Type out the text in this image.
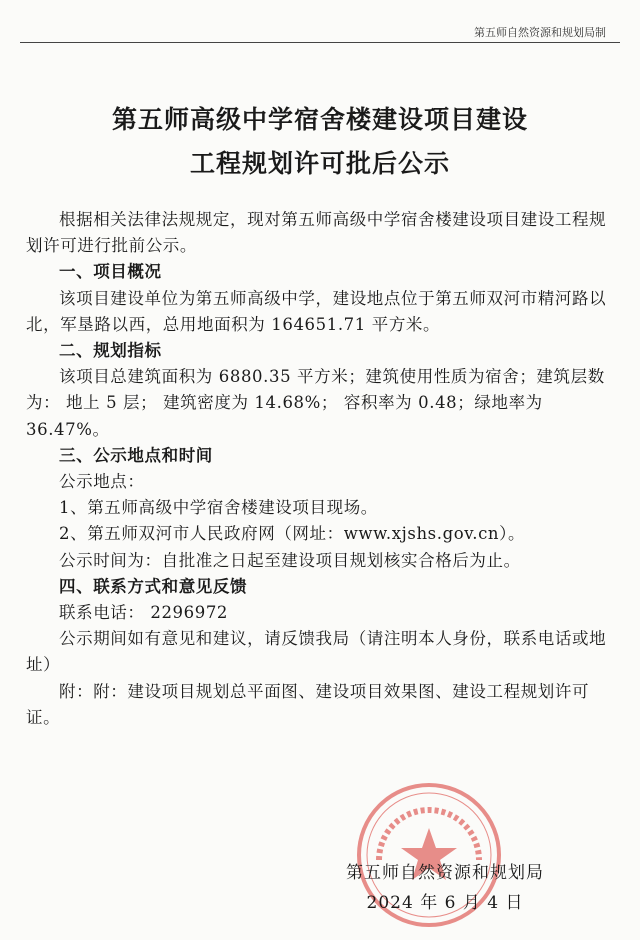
第五师自然资源和规划局制
第五师高级中学宿舍楼建设项目建设
工程规划许可批后公示

根据相关法律法规规定，现对第五师高级中学宿舍楼建设项目建设工程规划许可进行批前公示。

一、项目概况

该项目建设单位为第五师高级中学，建设地点位于第五师双河市精河路以北，军垦路以西，总用地面积为 164651.71 平方米。

二、规划指标

该项目总建筑面积为 6880.35 平方米；建筑使用性质为宿舍；建筑层数为： 地上 5 层； 建筑密度为 14.68%； 容积率为 0.48；绿地率为 36.47%。

三、公示地点和时间

公示地点：

1、第五师高级中学宿舍楼建设项目现场。

2、第五师双河市人民政府网（网址：www.xjshs.gov.cn）。

公示时间为：自批准之日起至建设项目规划核实合格后为止。

四、联系方式和意见反馈

联系电话： 2296972

公示期间如有意见和建议，请反馈我局（请注明本人身份，联系电话或地址）

附：附：建设项目规划总平面图、建设项目效果图、建设工程规划许可证。

第五师自然资源和规划局
2024 年 6 月 4 日
